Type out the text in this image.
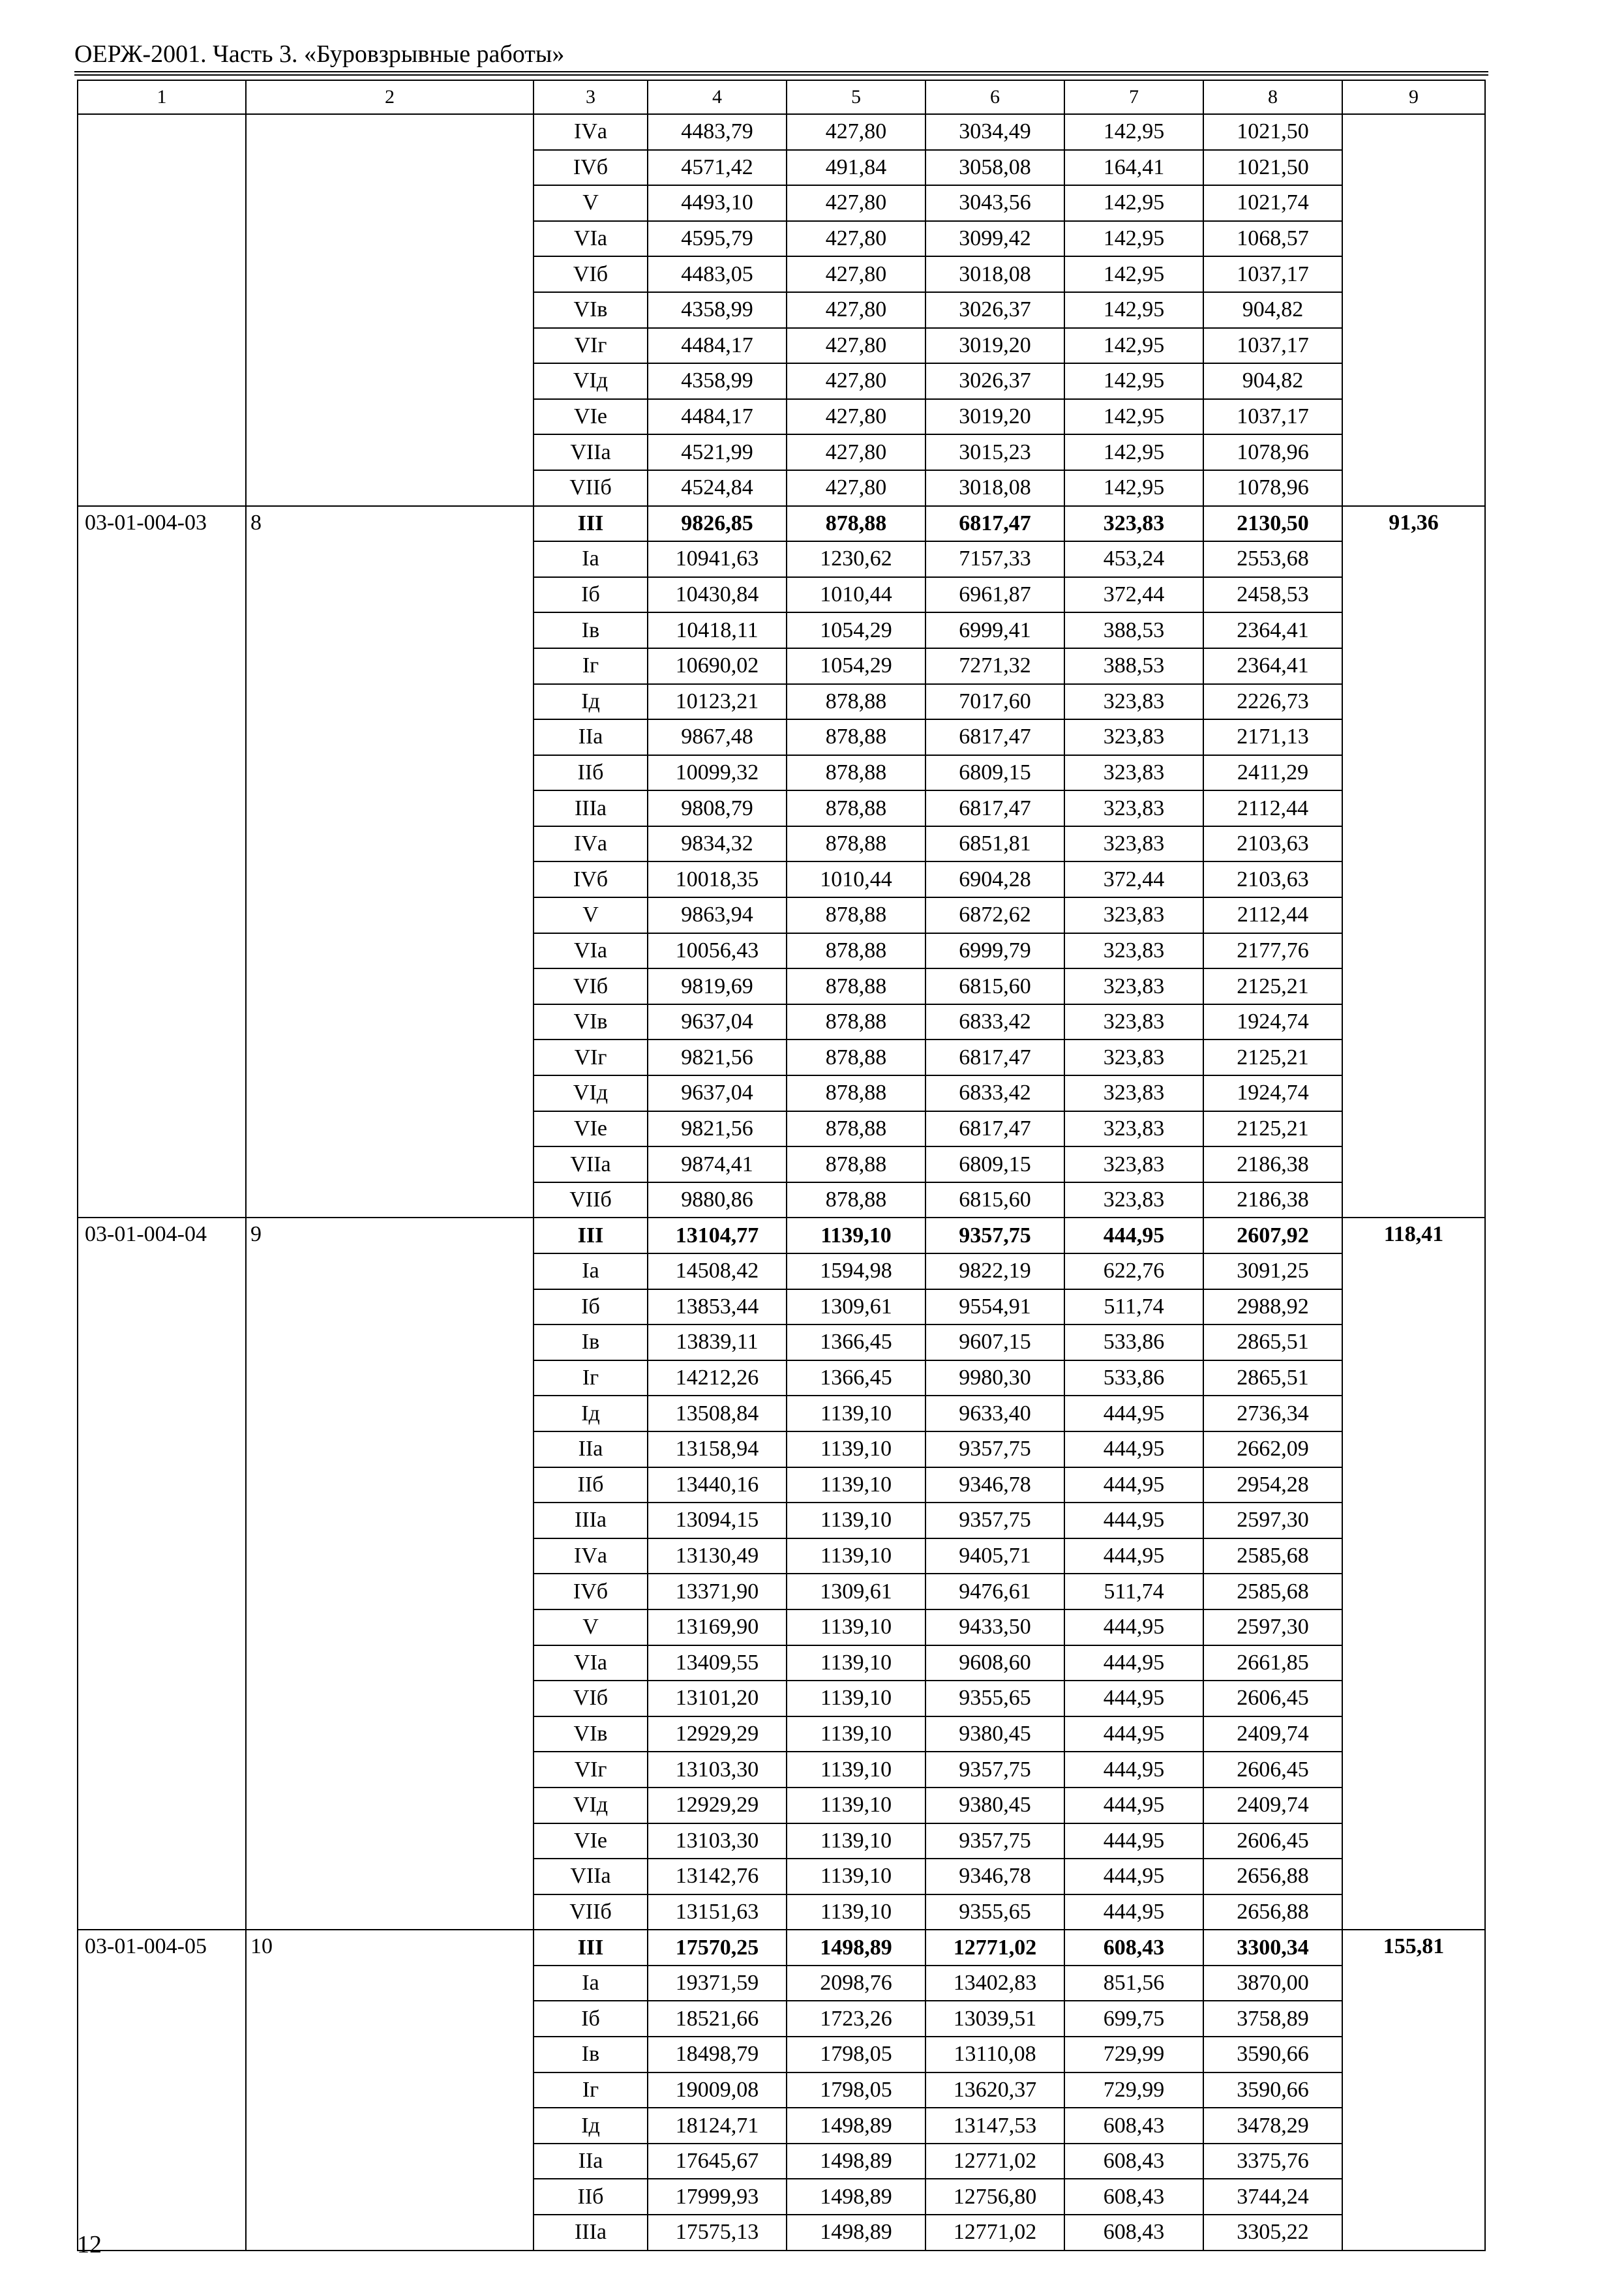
ОЕРЖ-2001. Часть 3. «Буровзрывные работы»
1	2	3	4	5	6	7	8	9
		IVа	4483,79	427,80	3034,49	142,95	1021,50	
		IVб	4571,42	491,84	3058,08	164,41	1021,50	
		V	4493,10	427,80	3043,56	142,95	1021,74	
		VIа	4595,79	427,80	3099,42	142,95	1068,57	
		VIб	4483,05	427,80	3018,08	142,95	1037,17	
		VIв	4358,99	427,80	3026,37	142,95	904,82	
		VIг	4484,17	427,80	3019,20	142,95	1037,17	
		VIд	4358,99	427,80	3026,37	142,95	904,82	
		VIе	4484,17	427,80	3019,20	142,95	1037,17	
		VIIа	4521,99	427,80	3015,23	142,95	1078,96	
		VIIб	4524,84	427,80	3018,08	142,95	1078,96	
03-01-004-03	8	III	9826,85	878,88	6817,47	323,83	2130,50	91,36
		Iа	10941,63	1230,62	7157,33	453,24	2553,68	
		Iб	10430,84	1010,44	6961,87	372,44	2458,53	
		Iв	10418,11	1054,29	6999,41	388,53	2364,41	
		Iг	10690,02	1054,29	7271,32	388,53	2364,41	
		Iд	10123,21	878,88	7017,60	323,83	2226,73	
		IIа	9867,48	878,88	6817,47	323,83	2171,13	
		IIб	10099,32	878,88	6809,15	323,83	2411,29	
		IIIа	9808,79	878,88	6817,47	323,83	2112,44	
		IVа	9834,32	878,88	6851,81	323,83	2103,63	
		IVб	10018,35	1010,44	6904,28	372,44	2103,63	
		V	9863,94	878,88	6872,62	323,83	2112,44	
		VIа	10056,43	878,88	6999,79	323,83	2177,76	
		VIб	9819,69	878,88	6815,60	323,83	2125,21	
		VIв	9637,04	878,88	6833,42	323,83	1924,74	
		VIг	9821,56	878,88	6817,47	323,83	2125,21	
		VIд	9637,04	878,88	6833,42	323,83	1924,74	
		VIе	9821,56	878,88	6817,47	323,83	2125,21	
		VIIа	9874,41	878,88	6809,15	323,83	2186,38	
		VIIб	9880,86	878,88	6815,60	323,83	2186,38	
03-01-004-04	9	III	13104,77	1139,10	9357,75	444,95	2607,92	118,41
		Iа	14508,42	1594,98	9822,19	622,76	3091,25	
		Iб	13853,44	1309,61	9554,91	511,74	2988,92	
		Iв	13839,11	1366,45	9607,15	533,86	2865,51	
		Iг	14212,26	1366,45	9980,30	533,86	2865,51	
		Iд	13508,84	1139,10	9633,40	444,95	2736,34	
		IIа	13158,94	1139,10	9357,75	444,95	2662,09	
		IIб	13440,16	1139,10	9346,78	444,95	2954,28	
		IIIа	13094,15	1139,10	9357,75	444,95	2597,30	
		IVа	13130,49	1139,10	9405,71	444,95	2585,68	
		IVб	13371,90	1309,61	9476,61	511,74	2585,68	
		V	13169,90	1139,10	9433,50	444,95	2597,30	
		VIа	13409,55	1139,10	9608,60	444,95	2661,85	
		VIб	13101,20	1139,10	9355,65	444,95	2606,45	
		VIв	12929,29	1139,10	9380,45	444,95	2409,74	
		VIг	13103,30	1139,10	9357,75	444,95	2606,45	
		VIд	12929,29	1139,10	9380,45	444,95	2409,74	
		VIе	13103,30	1139,10	9357,75	444,95	2606,45	
		VIIа	13142,76	1139,10	9346,78	444,95	2656,88	
		VIIб	13151,63	1139,10	9355,65	444,95	2656,88	
03-01-004-05	10	III	17570,25	1498,89	12771,02	608,43	3300,34	155,81
		Iа	19371,59	2098,76	13402,83	851,56	3870,00	
		Iб	18521,66	1723,26	13039,51	699,75	3758,89	
		Iв	18498,79	1798,05	13110,08	729,99	3590,66	
		Iг	19009,08	1798,05	13620,37	729,99	3590,66	
		Iд	18124,71	1498,89	13147,53	608,43	3478,29	
		IIа	17645,67	1498,89	12771,02	608,43	3375,76	
		IIб	17999,93	1498,89	12756,80	608,43	3744,24	
		IIIа	17575,13	1498,89	12771,02	608,43	3305,22	
12
